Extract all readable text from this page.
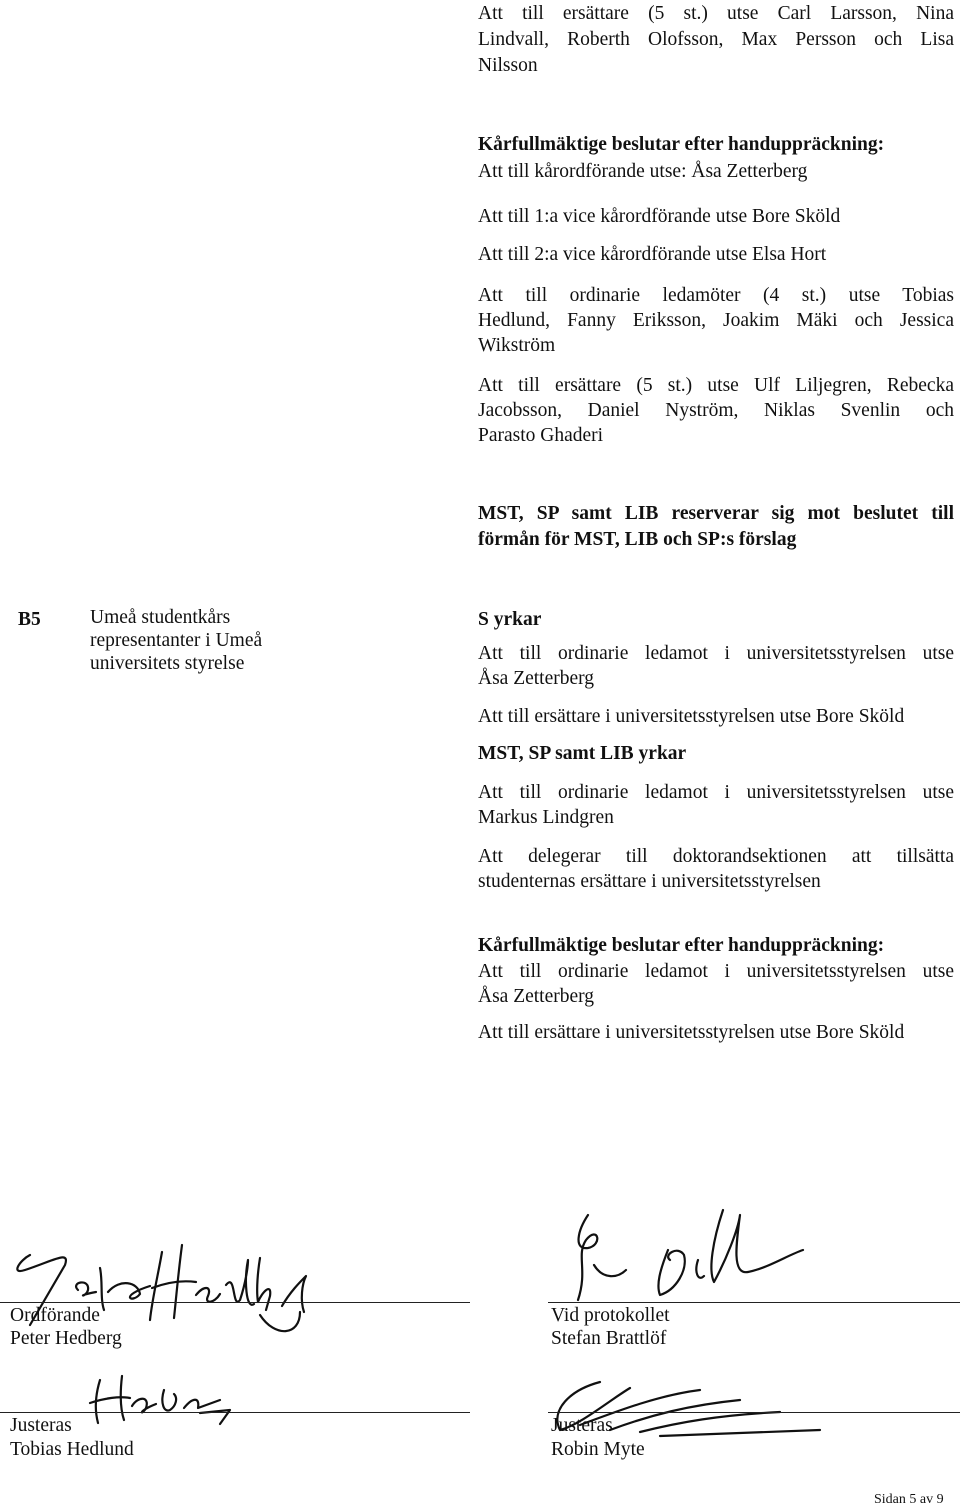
Att till ersättare (5 st.) utse Carl Larsson, Nina
Lindvall, Roberth Olofsson, Max Persson och Lisa
Nilsson
Kårfullmäktige beslutar efter handuppräckning:
Att till kårordförande utse: Åsa Zetterberg
Att till 1:a vice kårordförande utse Bore Sköld
Att till 2:a vice kårordförande utse Elsa Hort
Att till ordinarie ledamöter (4 st.) utse Tobias
Hedlund, Fanny Eriksson, Joakim Mäki och Jessica
Wikström
Att till ersättare (5 st.) utse Ulf Liljegren, Rebecka
Jacobsson, Daniel Nyström, Niklas Svenlin och
Parasto Ghaderi
MST, SP samt LIB reserverar sig mot beslutet till
förmån för MST, LIB och SP:s förslag
B5	Umeå studentkårs
representanter i Umeå
universitets styrelse
S yrkar
Att till ordinarie ledamot i universitetsstyrelsen utse
Åsa Zetterberg
Att till ersättare i universitetsstyrelsen utse Bore Sköld
MST, SP samt LIB yrkar
Att till ordinarie ledamot i universitetsstyrelsen utse
Markus Lindgren
Att delegerar till doktorandsektionen att tillsätta
studenternas ersättare i universitetsstyrelsen
Kårfullmäktige beslutar efter handuppräckning:
Att till ordinarie ledamot i universitetsstyrelsen utse
Åsa Zetterberg
Att till ersättare i universitetsstyrelsen utse Bore Sköld
Ordförande
Peter Hedberg
Vid protokollet
Stefan Brattlöf
Justeras
Tobias Hedlund
Justeras
Robin Myte
Sidan 5 av 9
